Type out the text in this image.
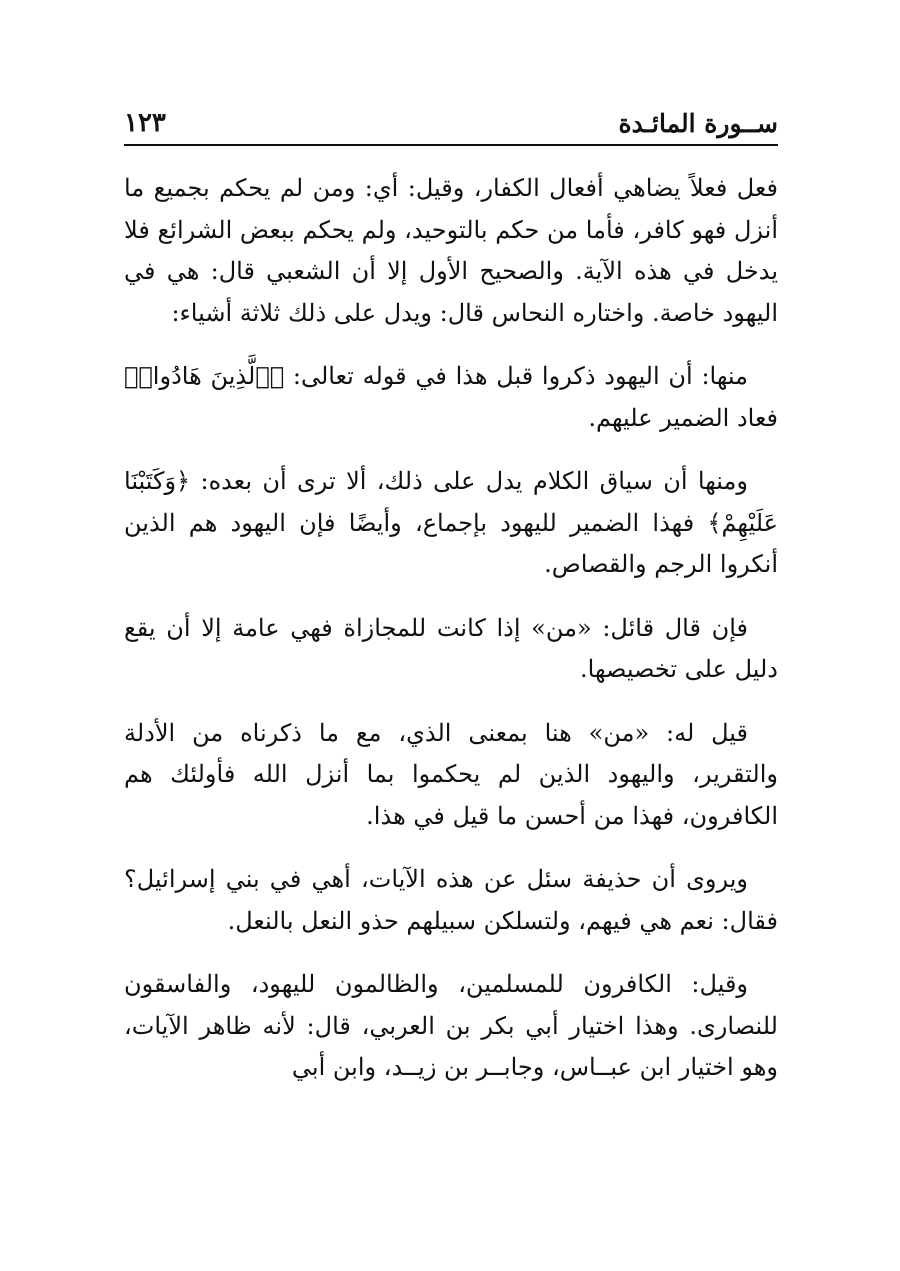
ســورة المائـدة
١٢٣

فعل فعلاً يضاهي أفعال الكفار، وقيل: أي: ومن لم يحكم بجميع ما أنزل فهو كافر، فأما من حكم بالتوحيد، ولم يحكم ببعض الشرائع فلا يدخل في هذه الآية. والصحيح الأول إلا أن الشعبي قال: هي في اليهود خاصة. واختاره النحاس قال: ويدل على ذلك ثلاثة أشياء:

منها: أن اليهود ذكروا قبل هذا في قوله تعالى: ﴿ٱلَّذِينَ هَادُوا۟﴾ فعاد الضمير عليهم.

ومنها أن سياق الكلام يدل على ذلك، ألا ترى أن بعده: ﴿وَكَتَبْنَا عَلَيْهِمْ﴾ فهذا الضمير لليهود بإجماع، وأيضًا فإن اليهود هم الذين أنكروا الرجم والقصاص.

فإن قال قائل: «من» إذا كانت للمجازاة فهي عامة إلا أن يقع دليل على تخصيصها.

قيل له: «من» هنا بمعنى الذي، مع ما ذكرناه من الأدلة والتقرير، واليهود الذين لم يحكموا بما أنزل الله فأولئك هم الكافرون، فهذا من أحسن ما قيل في هذا.

ويروى أن حذيفة سئل عن هذه الآيات، أهي في بني إسرائيل؟ فقال: نعم هي فيهم، ولتسلكن سبيلهم حذو النعل بالنعل.

وقيل: الكافرون للمسلمين، والظالمون لليهود، والفاسقون للنصارى. وهذا اختيار أبي بكر بن العربي، قال: لأنه ظاهر الآيات، وهو اختيار ابن عبــاس، وجابــر بن زيــد، وابن أبي
